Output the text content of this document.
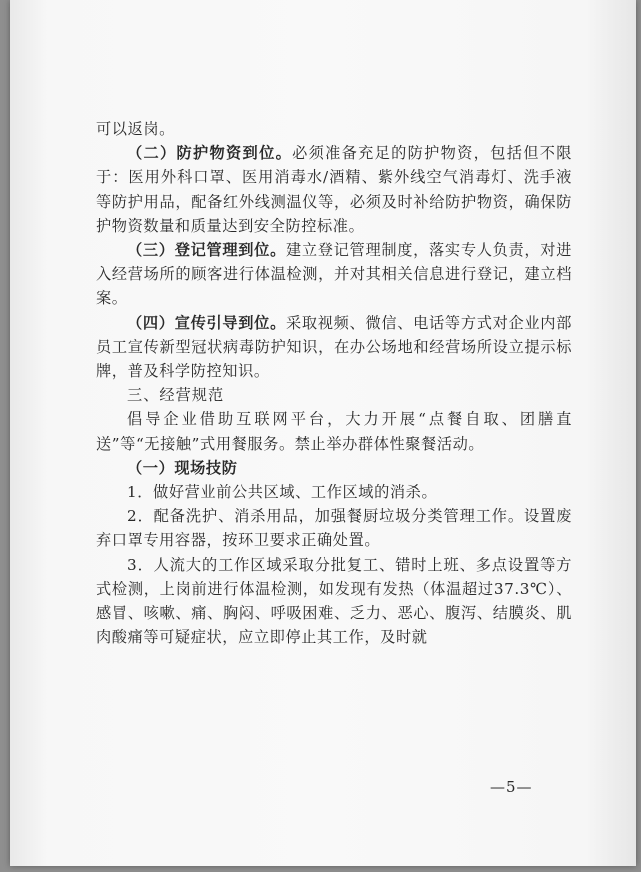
可以返岗。

（二）防护物资到位。必须准备充足的防护物资，包括但不限于：医用外科口罩、医用消毒水/酒精、紫外线空气消毒灯、洗手液等防护用品，配备红外线测温仪等，必须及时补给防护物资，确保防护物资数量和质量达到安全防控标准。

（三）登记管理到位。建立登记管理制度，落实专人负责，对进入经营场所的顾客进行体温检测，并对其相关信息进行登记，建立档案。

（四）宣传引导到位。采取视频、微信、电话等方式对企业内部员工宣传新型冠状病毒防护知识，在办公场地和经营场所设立提示标牌，普及科学防控知识。

三、经营规范

倡导企业借助互联网平台，大力开展“点餐自取、团膳直送”等“无接触”式用餐服务。禁止举办群体性聚餐活动。

（一）现场技防

1．做好营业前公共区域、工作区域的消杀。

2．配备洗护、消杀用品，加强餐厨垃圾分类管理工作。设置废弃口罩专用容器，按环卫要求正确处置。

3．人流大的工作区域采取分批复工、错时上班、多点设置等方式检测，上岗前进行体温检测，如发现有发热（体温超过37.3℃）、感冒、咳嗽、痛、胸闷、呼吸困难、乏力、恶心、腹泻、结膜炎、肌肉酸痛等可疑症状，应立即停止其工作，及时就

—5—
